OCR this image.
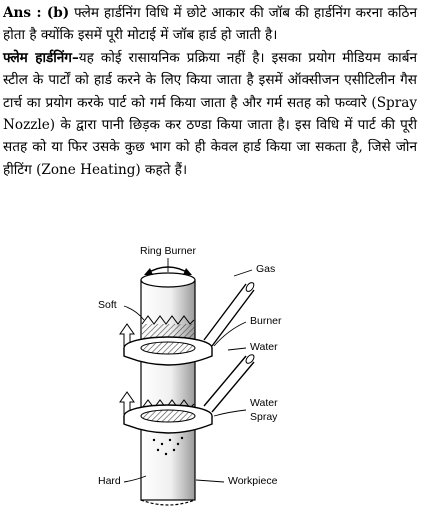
Ans : (b) फ्लेम हार्डनिंग विधि में छोटे आकार की जॉब की हार्डनिंग करना कठिन होता है क्योंकि इसमें पूरी मोटाई में जॉब हार्ड हो जाती है।

फ्लेम हार्डनिंग–यह कोई रासायनिक प्रक्रिया नहीं है। इसका प्रयोग मीडियम कार्बन स्टील के पार्टों को हार्ड करने के लिए किया जाता है इसमें ऑक्सीजन एसीटिलीन गैस टार्च का प्रयोग करके पार्ट को गर्म किया जाता है और गर्म सतह को फव्वारे (Spray Nozzle) के द्वारा पानी छिड़क कर ठण्डा किया जाता है। इस विधि में पार्ट की पूरी सतह को या फिर उसके कुछ भाग को ही केवल हार्ड किया जा सकता है, जिसे जोन हीटिंग (Zone Heating) कहते हैं।

Ring Burner
Gas
Soft
Burner
Water
Water
Spray
Hard	Workpiece
